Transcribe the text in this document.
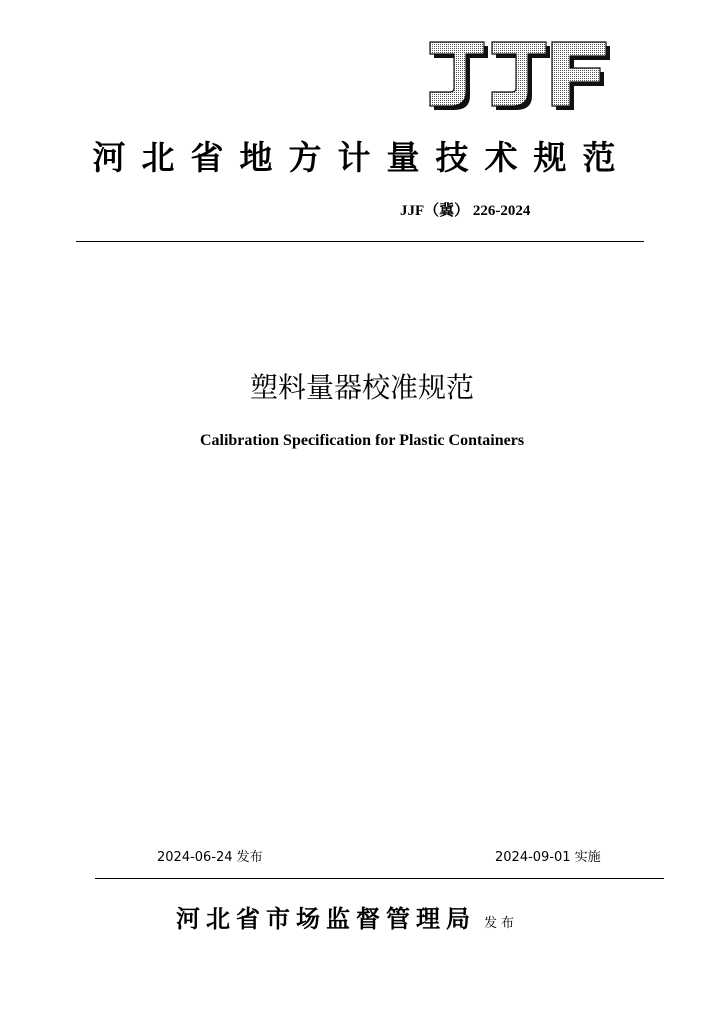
河北省地方计量技术规范
JJF（冀） 226-2024
塑料量器校准规范
Calibration Specification for Plastic Containers
2024-06-24 发布	2024-09-01 实施
河北省市场监督管理局 发布
